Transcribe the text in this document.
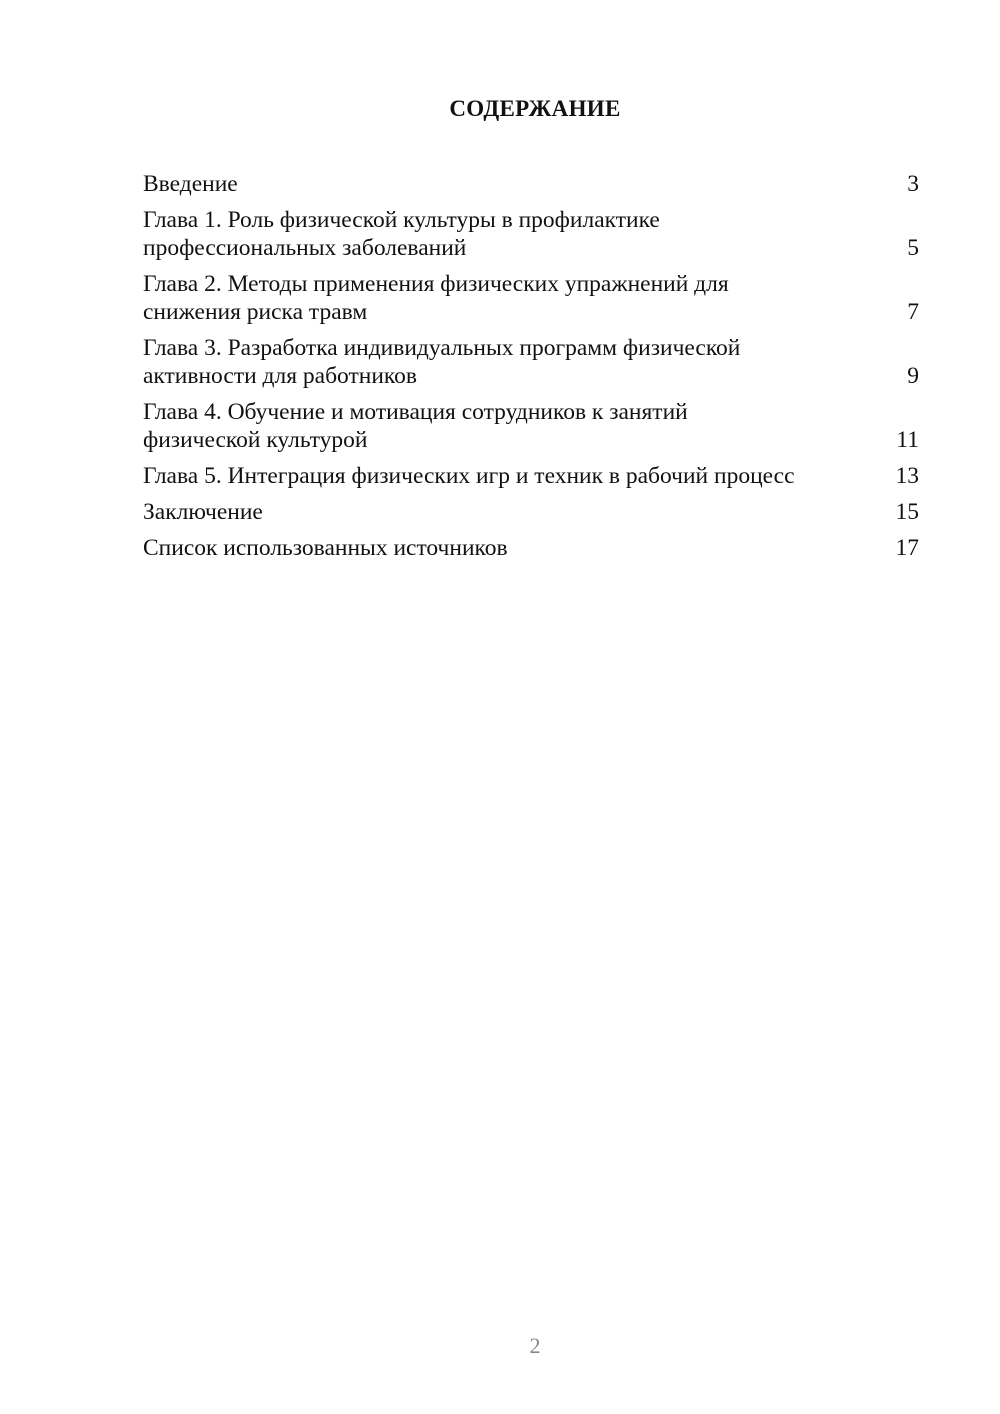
СОДЕРЖАНИЕ
Введение	3
Глава 1. Роль физической культуры в профилактике профессиональных заболеваний	5
Глава 2. Методы применения физических упражнений для снижения риска травм	7
Глава 3. Разработка индивидуальных программ физической активности для работников	9
Глава 4. Обучение и мотивация сотрудников к занятий физической культурой	11
Глава 5. Интеграция физических игр и техник в рабочий процесс	13
Заключение	15
Список использованных источников	17
2
